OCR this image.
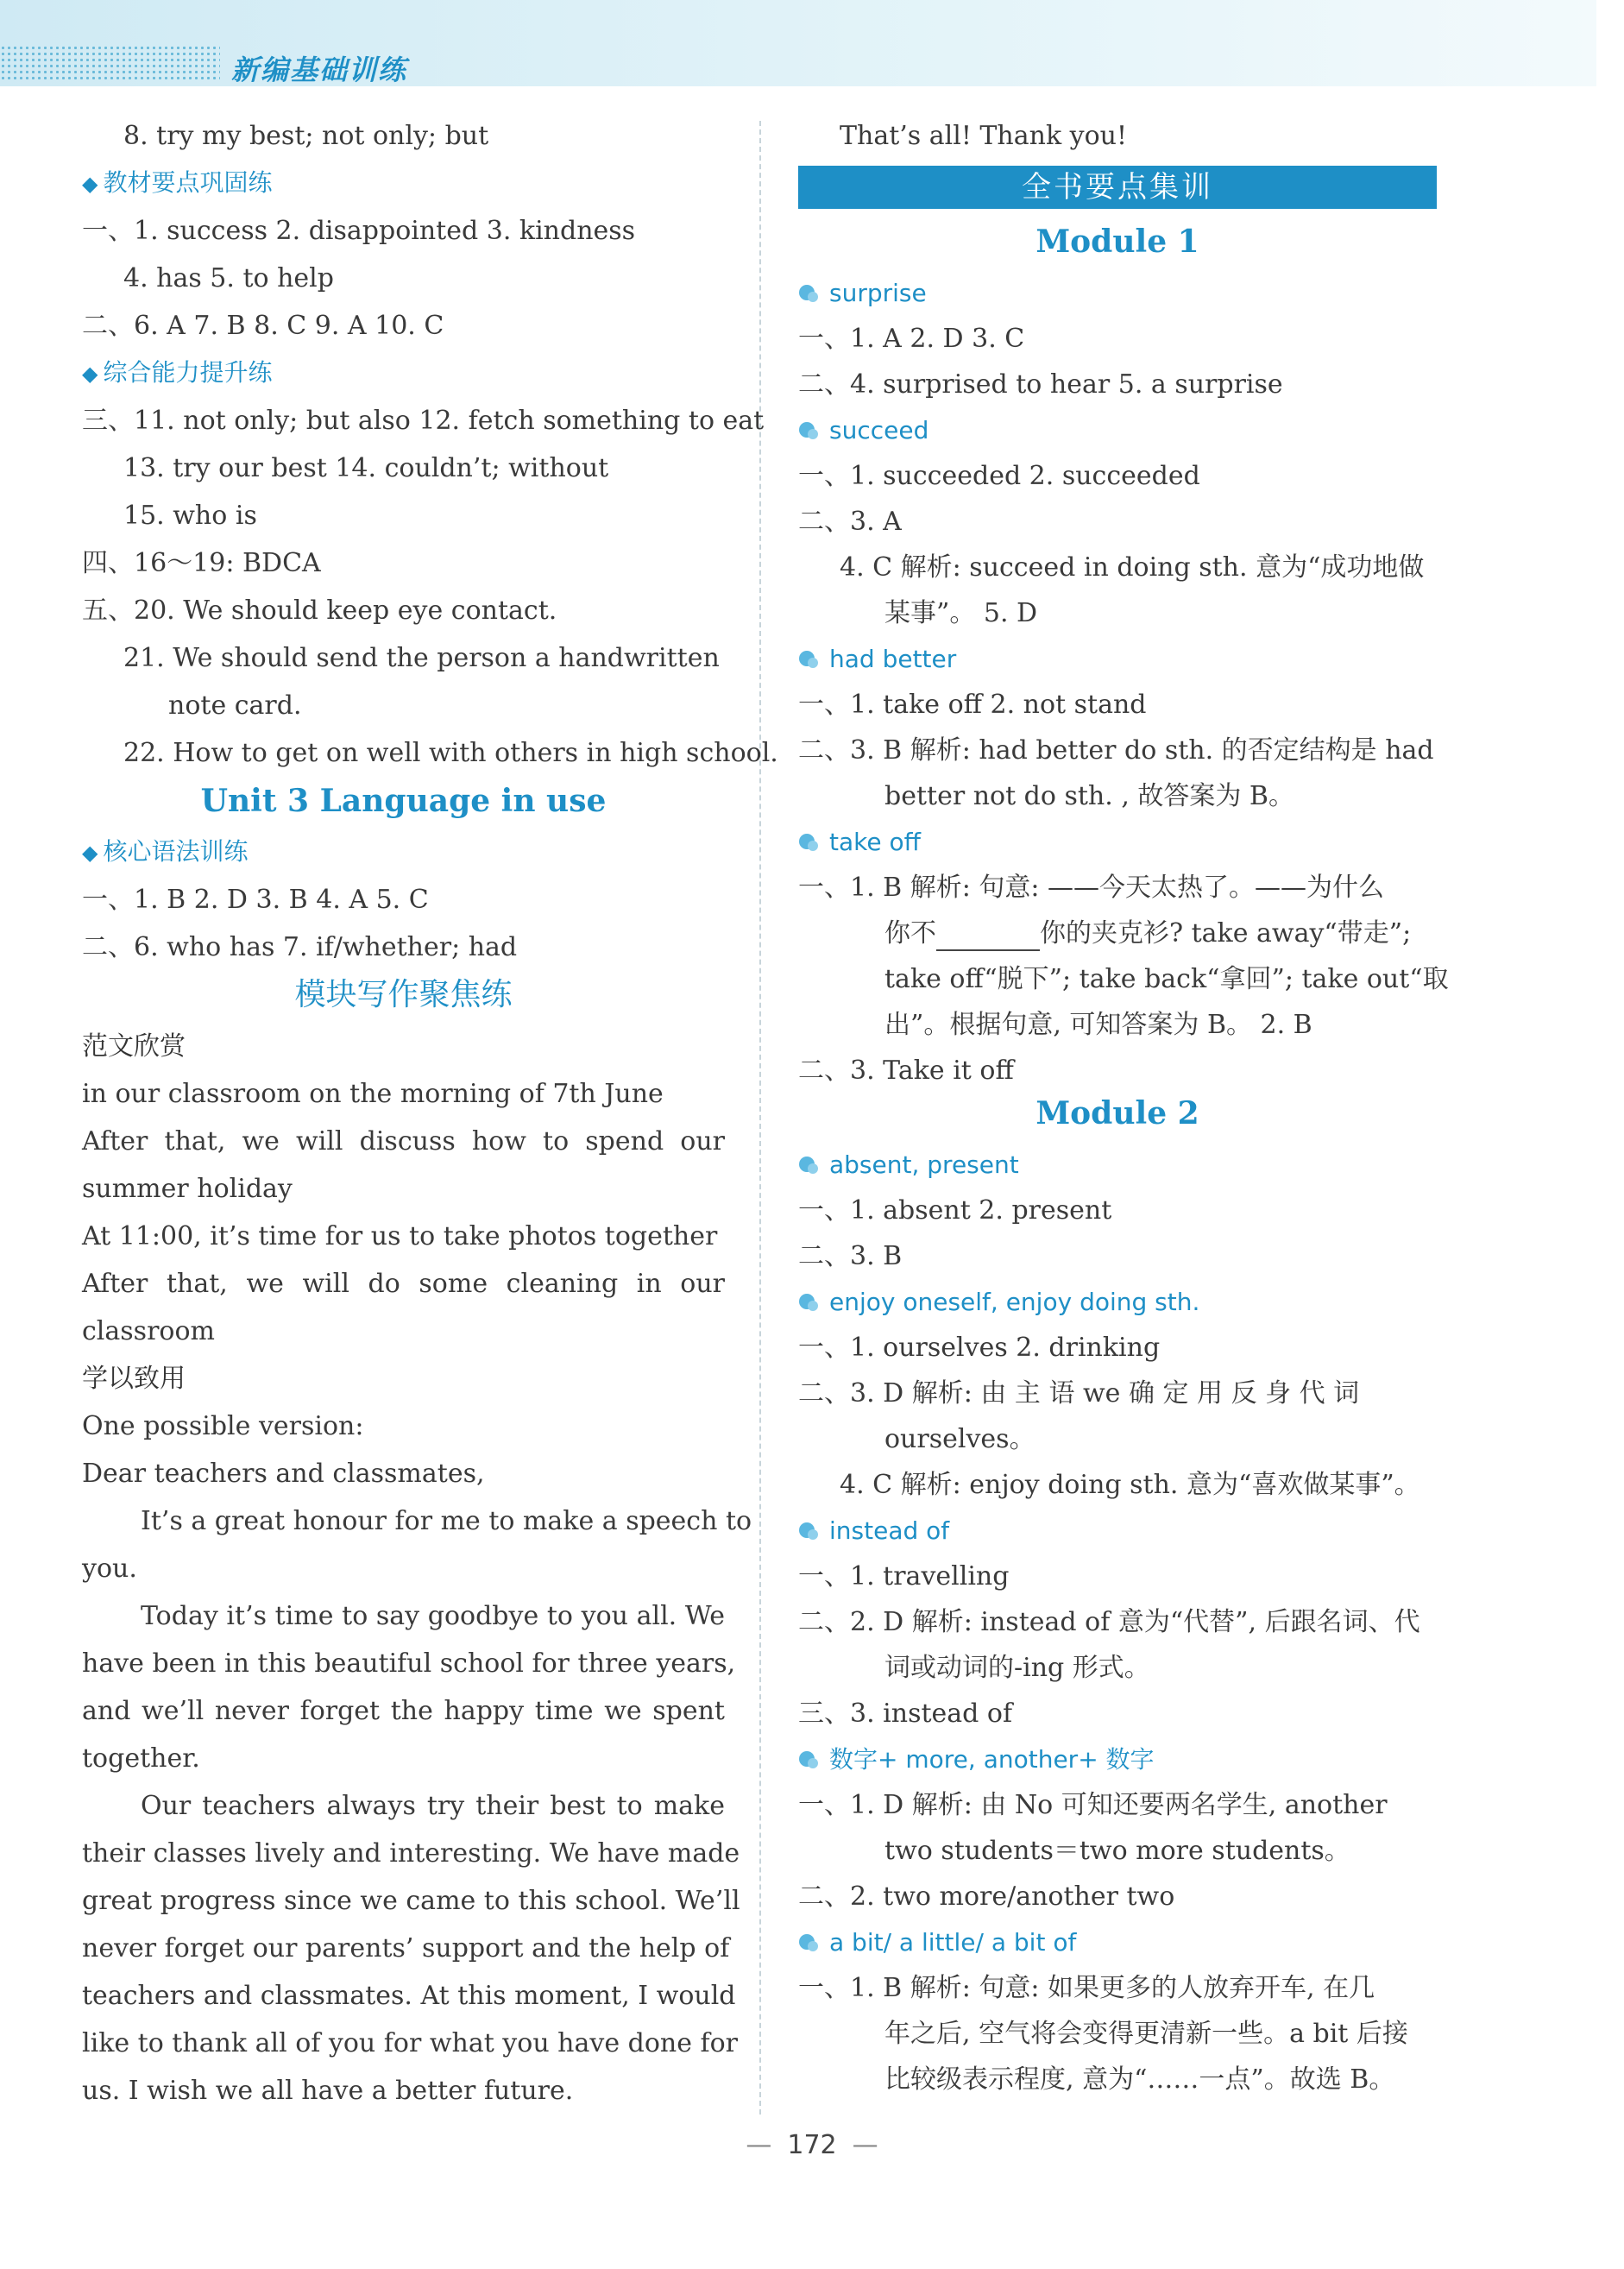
新编基础训练
8. try my best; not only; but
◆ 教材要点巩固练
一、1. success 2. disappointed 3. kindness
4. has 5. to help
二、6. A 7. B 8. C 9. A 10. C
◆ 综合能力提升练
三、11. not only; but also 12. fetch something to eat
13. try our best 14. couldn’t; without
15. who is
四、16～19: BDCA
五、20. We should keep eye contact.
21. We should send the person a handwritten
note card.
22. How to get on well with others in high school.
Unit 3 Language in use
◆ 核心语法训练
一、1. B 2. D 3. B 4. A 5. C
二、6. who has 7. if/whether; had
模块写作聚焦练
范文欣赏
in our classroom on the morning of 7th June
After that, we will discuss how to spend our
summer holiday
At 11:00, it’s time for us to take photos together
After that, we will do some cleaning in our
classroom
学以致用
One possible version:
Dear teachers and classmates,
It’s a great honour for me to make a speech to
you.
Today it’s time to say goodbye to you all. We
have been in this beautiful school for three years,
and we’ll never forget the happy time we spent
together.
Our teachers always try their best to make
their classes lively and interesting. We have made
great progress since we came to this school. We’ll
never forget our parents’ support and the help of
teachers and classmates. At this moment, I would
like to thank all of you for what you have done for
us. I wish we all have a better future.
That’s all! Thank you!
全书要点集训
Module 1
surprise
一、1. A 2. D 3. C
二、4. surprised to hear 5. a surprise
succeed
一、1. succeeded 2. succeeded
二、3. A
4. C 解析: succeed in doing sth. 意为“成功地做
某事”。 5. D
had better
一、1. take off 2. not stand
二、3. B 解析: had better do sth. 的否定结构是 had
better not do sth. , 故答案为 B。
take off
一、1. B 解析: 句意: ——今天太热了。——为什么
你不	你的夹克衫? take away“带走”;
take off“脱下”; take back“拿回”; take out“取
出”。根据句意, 可知答案为 B。 2. B
二、3. Take it off
Module 2
absent, present
一、1. absent 2. present
二、3. B
enjoy oneself, enjoy doing sth.
一、1. ourselves 2. drinking
二、3. D 解析: 由 主 语 we 确 定 用 反 身 代 词
ourselves。
4. C 解析: enjoy doing sth. 意为“喜欢做某事”。
instead of
一、1. travelling
二、2. D 解析: instead of 意为“代替”, 后跟名词、代
词或动词的-ing 形式。
三、3. instead of
数字+ more, another+ 数字
一、1. D 解析: 由 No 可知还要两名学生, another
two students＝two more students。
二、2. two more/another two
a bit/ a little/ a bit of
一、1. B 解析: 句意: 如果更多的人放弃开车, 在几
年之后, 空气将会变得更清新一些。a bit 后接
比较级表示程度, 意为“……一点”。故选 B。
— 172 —
